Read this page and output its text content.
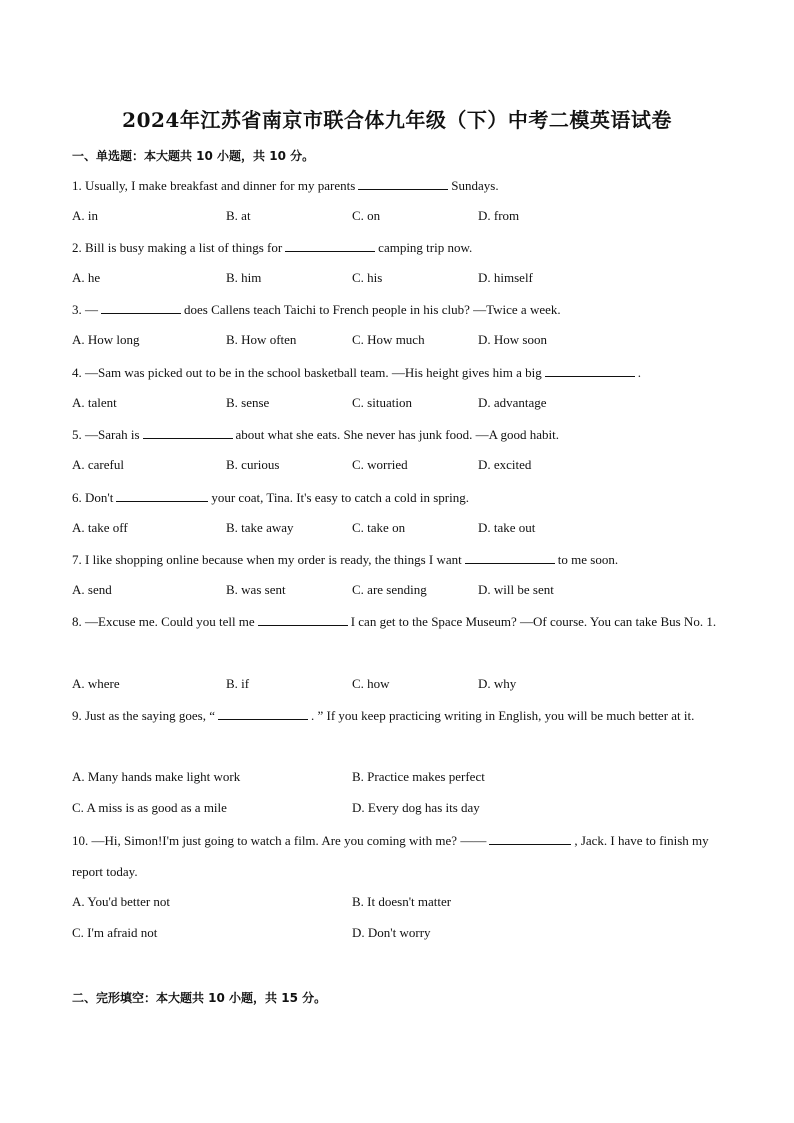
2024年江苏省南京市联合体九年级（下）中考二模英语试卷
一、单选题：本大题共 10 小题，共 10 分。
1. Usually, I make breakfast and dinner for my parents	Sundays.
A. in	B. at	C. on	D. from
2. Bill is busy making a list of things for	camping trip now.
A. he	B. him	C. his	D. himself
3. —	does Callens teach Taichi to French people in his club? —Twice a week.
A. How long	B. How often	C. How much	D. How soon
4. —Sam was picked out to be in the school basketball team. —His height gives him a big	.
A. talent	B. sense	C. situation	D. advantage
5. —Sarah is	about what she eats. She never has junk food. —A good habit.
A. careful	B. curious	C. worried	D. excited
6. Don't	your coat, Tina. It's easy to catch a cold in spring.
A. take off	B. take away	C. take on	D. take out
7. I like shopping online because when my order is ready, the things I want	to me soon.
A. send	B. was sent	C. are sending	D. will be sent
8. —Excuse me. Could you tell me	I can get to the Space Museum? —Of course. You can take Bus No. 1.
A. where	B. if	C. how	D. why
9. Just as the saying goes, “	. ” If you keep practicing writing in English, you will be much better at it.
A. Many hands make light work	B. Practice makes perfect
C. A miss is as good as a mile	D. Every dog has its day
10. —Hi, Simon!I'm just going to watch a film. Are you coming with me? ——	, Jack. I have to finish my report today.
A. You'd better not	B. It doesn't matter
C. I'm afraid not	D. Don't worry
二、完形填空：本大题共 10 小题，共 15 分。
